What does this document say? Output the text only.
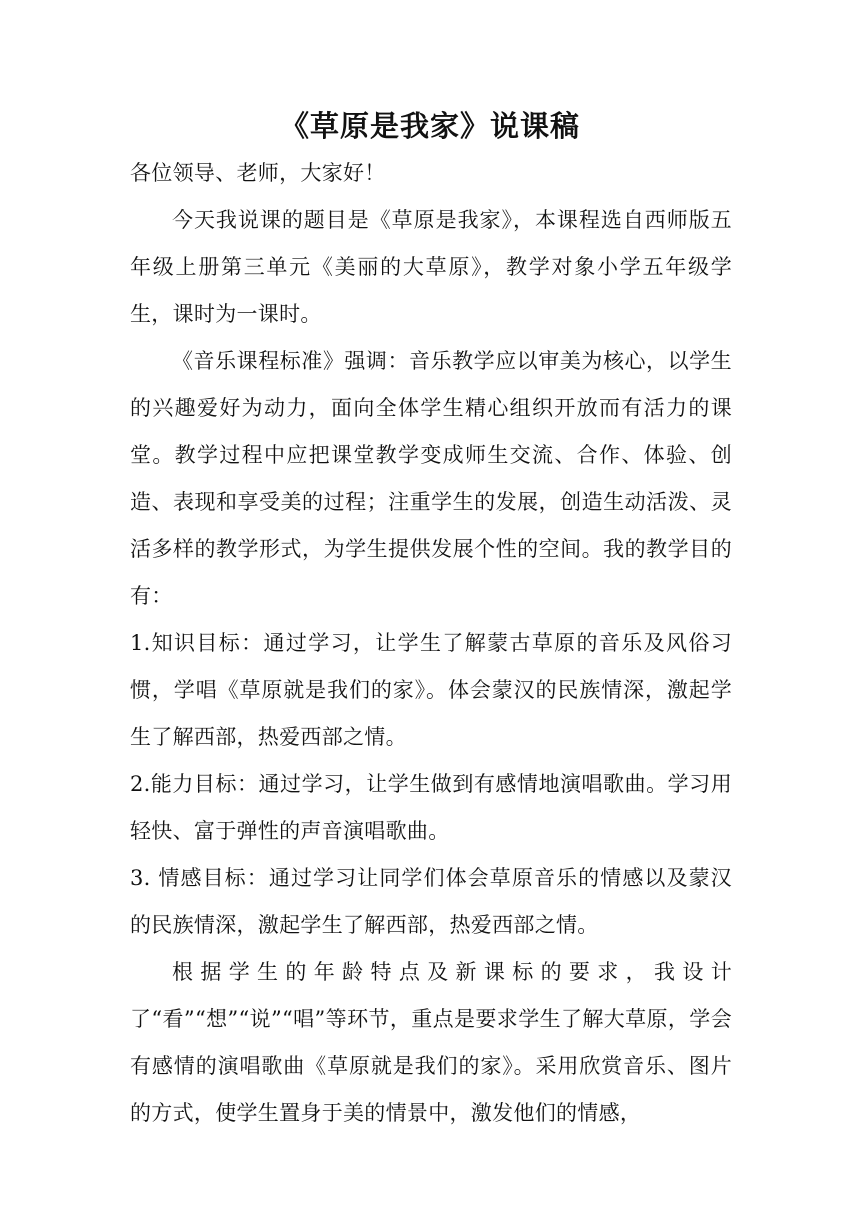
《草原是我家》说课稿

各位领导、老师，大家好！

今天我说课的题目是《草原是我家》，本课程选自西师版五年级上册第三单元《美丽的大草原》，教学对象小学五年级学生，课时为一课时。

《音乐课程标准》强调：音乐教学应以审美为核心，以学生的兴趣爱好为动力，面向全体学生精心组织开放而有活力的课堂。教学过程中应把课堂教学变成师生交流、合作、体验、创造、表现和享受美的过程；注重学生的发展，创造生动活泼、灵活多样的教学形式，为学生提供发展个性的空间。我的教学目的有：

1.知识目标：通过学习，让学生了解蒙古草原的音乐及风俗习惯，学唱《草原就是我们的家》。体会蒙汉的民族情深，激起学生了解西部，热爱西部之情。

2.能力目标：通过学习，让学生做到有感情地演唱歌曲。学习用轻快、富于弹性的声音演唱歌曲。

3. 情感目标：通过学习让同学们体会草原音乐的情感以及蒙汉的民族情深，激起学生了解西部，热爱西部之情。

根据学生的年龄特点及新课标的要求，我设计了“看”“想”“说”“唱”等环节，重点是要求学生了解大草原，学会有感情的演唱歌曲《草原就是我们的家》。采用欣赏音乐、图片的方式，使学生置身于美的情景中，激发他们的情感，
